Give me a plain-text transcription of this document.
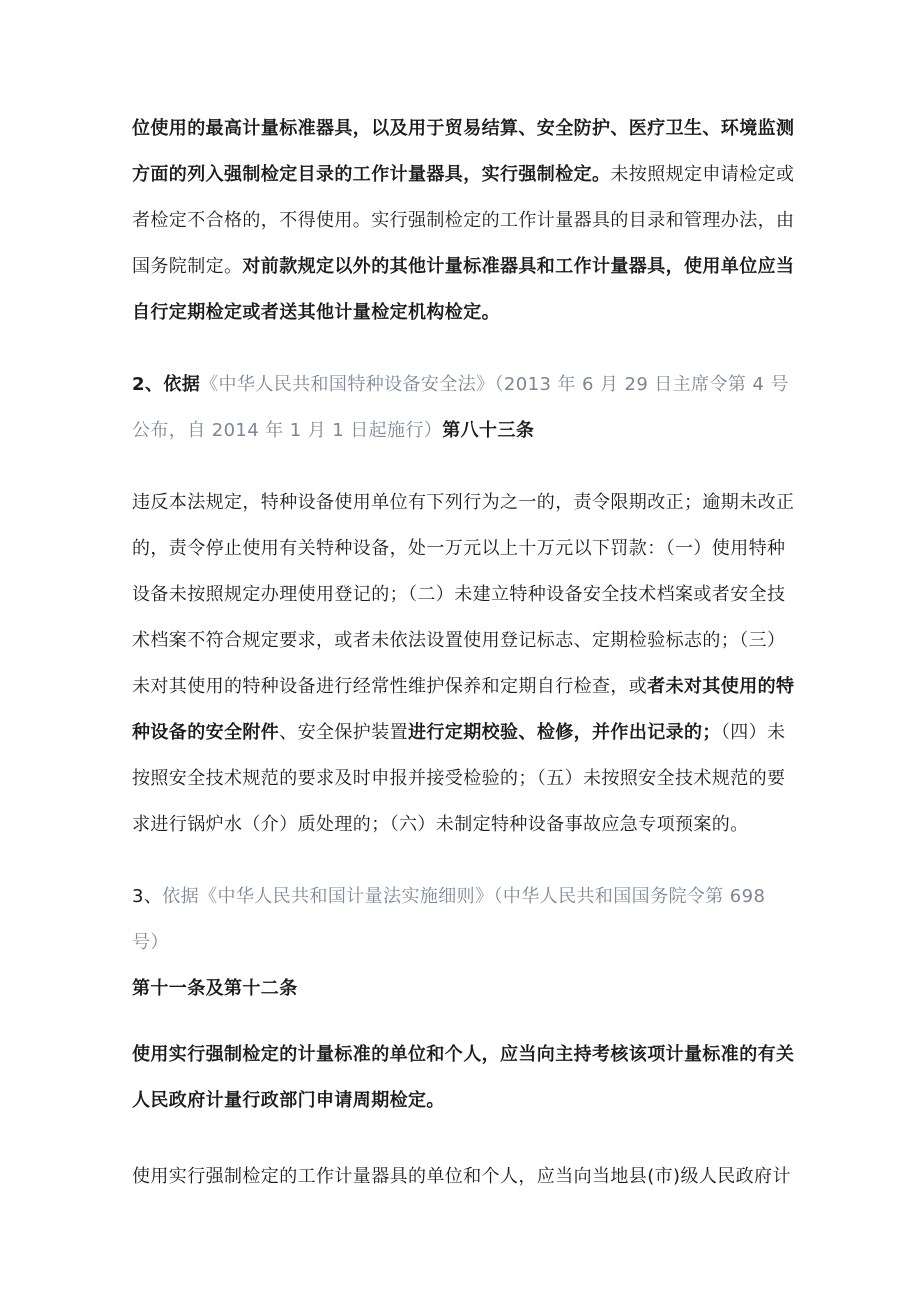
位使用的最高计量标准器具，以及用于贸易结算、安全防护、医疗卫生、环境监测方面的列入强制检定目录的工作计量器具，实行强制检定。未按照规定申请检定或者检定不合格的，不得使用。实行强制检定的工作计量器具的目录和管理办法，由国务院制定。对前款规定以外的其他计量标准器具和工作计量器具，使用单位应当自行定期检定或者送其他计量检定机构检定。

2、依据《中华人民共和国特种设备安全法》（2013 年 6 月 29 日主席令第 4 号公布，自 2014 年 1 月 1 日起施行）第八十三条

违反本法规定，特种设备使用单位有下列行为之一的，责令限期改正；逾期未改正的，责令停止使用有关特种设备，处一万元以上十万元以下罚款：（一）使用特种设备未按照规定办理使用登记的；（二）未建立特种设备安全技术档案或者安全技术档案不符合规定要求，或者未依法设置使用登记标志、定期检验标志的；（三）未对其使用的特种设备进行经常性维护保养和定期自行检查，或者未对其使用的特种设备的安全附件、安全保护装置进行定期校验、检修，并作出记录的；（四）未按照安全技术规范的要求及时申报并接受检验的；（五）未按照安全技术规范的要求进行锅炉水（介）质处理的；（六）未制定特种设备事故应急专项预案的。

3、依据《中华人民共和国计量法实施细则》（中华人民共和国国务院令第 698 号）
第十一条及第十二条

使用实行强制检定的计量标准的单位和个人，应当向主持考核该项计量标准的有关人民政府计量行政部门申请周期检定。

使用实行强制检定的工作计量器具的单位和个人，应当向当地县(市)级人民政府计
